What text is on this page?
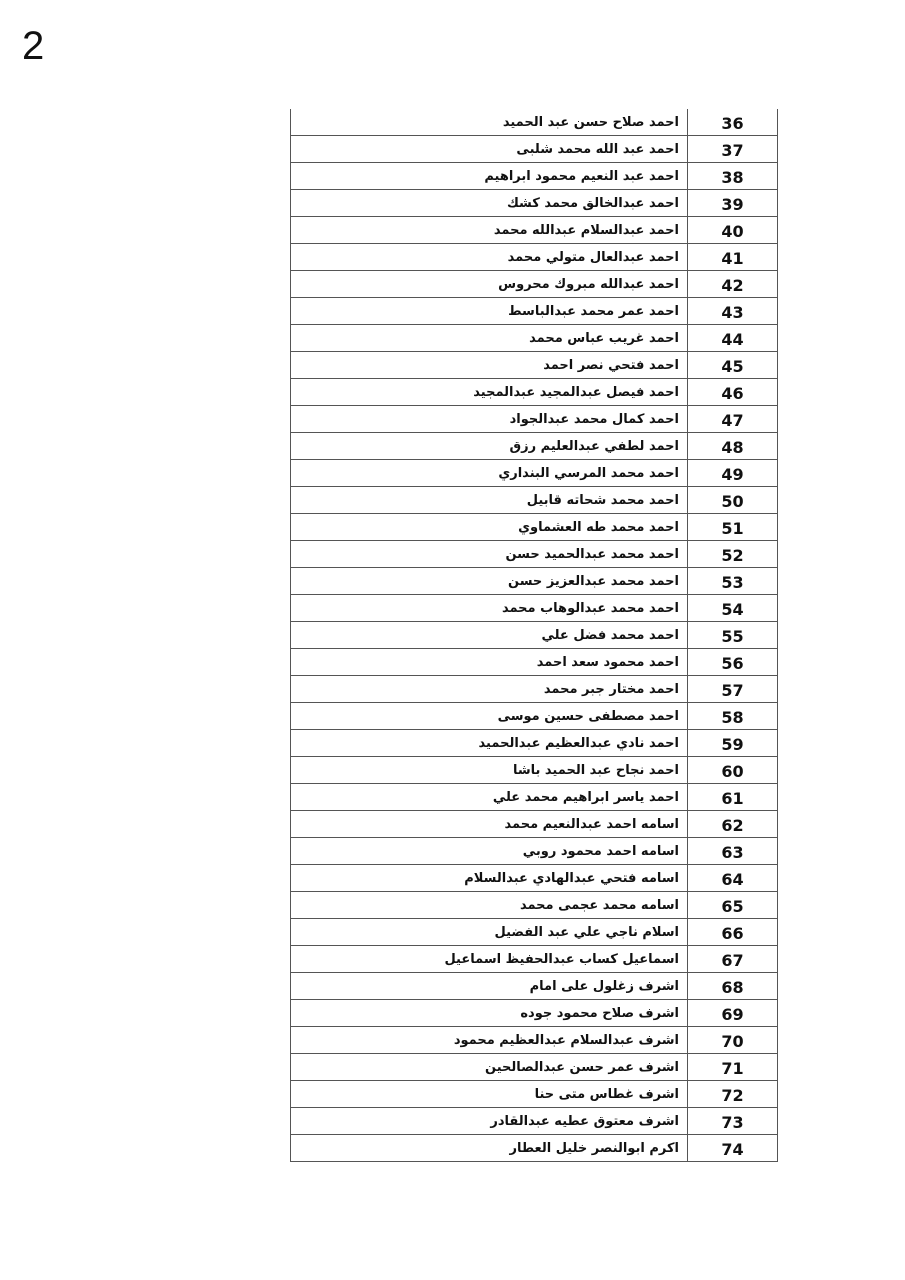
2
احمد صلاح حسن عبد الحميد	36
احمد عبد الله محمد شلبى	37
احمد عبد النعيم محمود ابراهيم	38
احمد عبدالخالق محمد كشك	39
احمد عبدالسلام عبدالله محمد	40
احمد عبدالعال متولي محمد	41
احمد عبدالله مبروك محروس	42
احمد عمر محمد عبدالباسط	43
احمد غريب عباس محمد	44
احمد فتحي نصر احمد	45
احمد فيصل عبدالمجيد عبدالمجيد	46
احمد كمال محمد عبدالجواد	47
احمد لطفي عبدالعليم رزق	48
احمد محمد المرسي البنداري	49
احمد محمد شحاته قابيل	50
احمد محمد طه العشماوي	51
احمد محمد عبدالحميد حسن	52
احمد محمد عبدالعزيز حسن	53
احمد محمد عبدالوهاب محمد	54
احمد محمد فضل علي	55
احمد محمود سعد احمد	56
احمد مختار جبر محمد	57
احمد مصطفى حسين موسى	58
احمد نادي عبدالعظيم عبدالحميد	59
احمد نجاح عبد الحميد باشا	60
احمد ياسر ابراهيم محمد علي	61
اسامه احمد عبدالنعيم محمد	62
اسامه احمد محمود روبي	63
اسامه فتحي عبدالهادي عبدالسلام	64
اسامه محمد عجمى محمد	65
اسلام ناجي علي عبد الفضيل	66
اسماعيل كساب عبدالحفيظ اسماعيل	67
اشرف زغلول على امام	68
اشرف صلاح محمود جوده	69
اشرف عبدالسلام عبدالعظيم محمود	70
اشرف عمر حسن عبدالصالحين	71
اشرف غطاس متى حنا	72
اشرف معتوق عطيه عبدالقادر	73
اكرم ابوالنصر خليل العطار	74
